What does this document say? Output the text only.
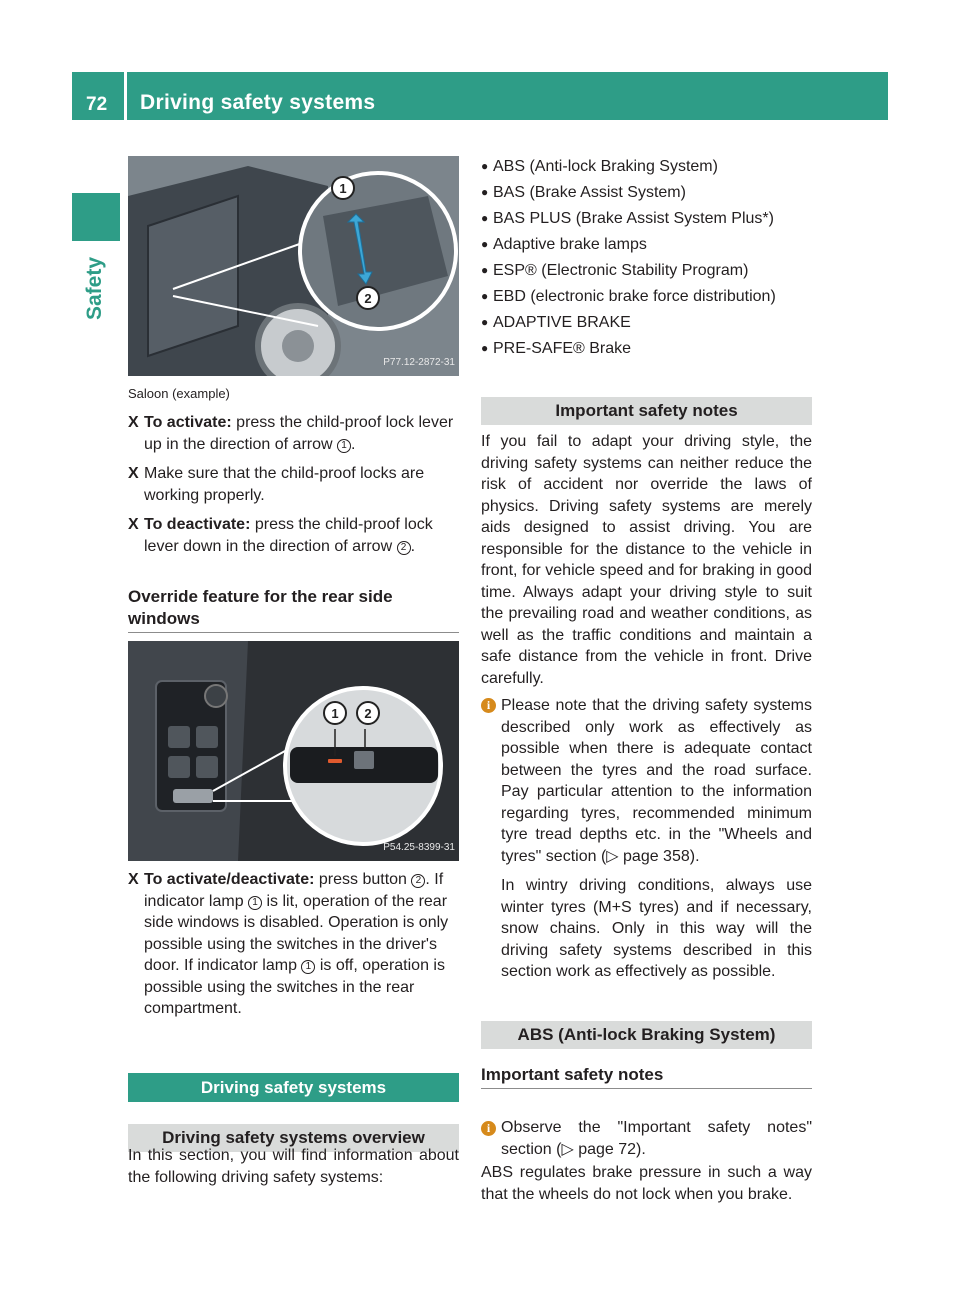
72 Driving safety systems
Safety
1
2
P77.12-2872-31
Saloon (example)
X To activate: press the child-proof lock lever up in the direction of arrow 1 .
X Make sure that the child-proof locks are working properly.
X To deactivate: press the child-proof lock lever down in the direction of arrow 2 .
Override feature for the rear side windows
1 2
P54.25-8399-31
X To activate/deactivate: press button 2 . If indicator lamp 1 is lit, operation of the rear side windows is disabled. Operation is only possible using the switches in the driver's door. If indicator lamp 1 is off, operation is possible using the switches in the rear compartment.
Driving safety systems
Driving safety systems overview
In this section, you will find information about the following driving safety systems:
● ABS (Anti-lock Braking System)
● BAS (Brake Assist System)
● BAS PLUS (Brake Assist System Plus*)
● Adaptive brake lamps
● ESP® (Electronic Stability Program)
● EBD (electronic brake force distribution)
● ADAPTIVE BRAKE
● PRE-SAFE® Brake
Important safety notes
If you fail to adapt your driving style, the driving safety systems can neither reduce the risk of accident nor override the laws of physics. Driving safety systems are merely aids designed to assist driving. You are responsible for the distance to the vehicle in front, for vehicle speed and for braking in good time. Always adapt your driving style to suit the prevailing road and weather conditions, as well as the traffic conditions and maintain a safe distance from the vehicle in front. Drive carefully.
i Please note that the driving safety systems described only work as effectively as possible when there is adequate contact between the tyres and the road surface. Pay particular attention to the information regarding tyres, recommended minimum tyre tread depths etc. in the "Wheels and tyres" section (▷ page 358).
In wintry driving conditions, always use winter tyres (M+S tyres) and if necessary, snow chains. Only in this way will the driving safety systems described in this section work as effectively as possible.
ABS (Anti-lock Braking System)
Important safety notes
i Observe the "Important safety notes" section (▷ page 72).
ABS regulates brake pressure in such a way that the wheels do not lock when you brake.
